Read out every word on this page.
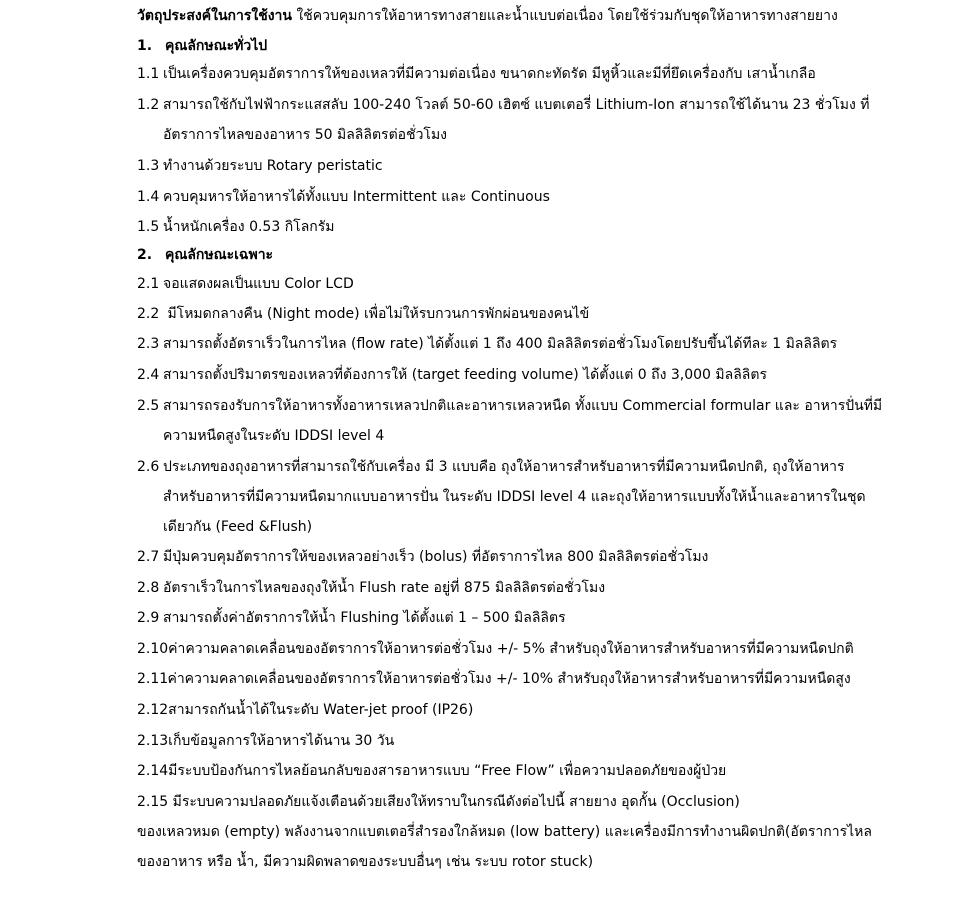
วัตถุประสงค์ในการใช้งาน ใช้ควบคุมการให้อาหารทางสายและน้ำแบบต่อเนื่อง โดยใช้ร่วมกับชุดให้อาหารทางสายยาง
1. คุณลักษณะทั่วไป
1.1 เป็นเครื่องควบคุมอัตราการให้ของเหลวที่มีความต่อเนื่อง ขนาดกะทัดรัด มีหูหิ้วและมีที่ยึดเครื่องกับ เสาน้ำเกลือ
1.2 สามารถใช้กับไฟฟ้ากระแสสลับ 100-240 โวลต์ 50-60 เฮิตซ์ แบตเตอรี่ Lithium-Ion สามารถใช้ได้นาน 23 ชั่วโมง ที่
อัตราการไหลของอาหาร 50 มิลลิลิตรต่อชั่วโมง
1.3 ทำงานด้วยระบบ Rotary peristatic
1.4 ควบคุมหารให้อาหารได้ทั้งแบบ Intermittent และ Continuous
1.5 น้ำหนักเครื่อง 0.53 กิโลกรัม
2. คุณลักษณะเฉพาะ
2.1 จอแสดงผลเป็นแบบ Color LCD
2.2 มีโหมดกลางคืน (Night mode) เพื่อไม่ให้รบกวนการพักผ่อนของคนไข้
2.3 สามารถตั้งอัตราเร็วในการไหล (flow rate) ได้ตั้งแต่ 1 ถึง 400 มิลลิลิตรต่อชั่วโมงโดยปรับขึ้นได้ทีละ 1 มิลลิลิตร
2.4 สามารถตั้งปริมาตรของเหลวที่ต้องการให้ (target feeding volume) ได้ตั้งแต่ 0 ถึง 3,000 มิลลิลิตร
2.5 สามารถรองรับการให้อาหารทั้งอาหารเหลวปกติและอาหารเหลวหนืด ทั้งแบบ Commercial formular และ อาหารปั่นที่มี
ความหนืดสูงในระดับ IDDSI level 4
2.6 ประเภทของถุงอาหารที่สามารถใช้กับเครื่อง มี 3 แบบคือ ถุงให้อาหารสำหรับอาหารที่มีความหนืดปกติ, ถุงให้อาหาร
สำหรับอาหารที่มีความหนืดมากแบบอาหารปั่น ในระดับ IDDSI level 4 และถุงให้อาหารแบบทั้งให้น้ำและอาหารในชุด
เดียวกัน (Feed &Flush)
2.7 มีปุ่มควบคุมอัตราการให้ของเหลวอย่างเร็ว (bolus) ที่อัตราการไหล 800 มิลลิลิตรต่อชั่วโมง
2.8 อัตราเร็วในการไหลของถุงให้น้ำ Flush rate อยู่ที่ 875 มิลลิลิตรต่อชั่วโมง
2.9 สามารถตั้งค่าอัตราการให้น้ำ Flushing ได้ตั้งแต่ 1 – 500 มิลลิลิตร
2.10ค่าความคลาดเคลื่อนของอัตราการให้อาหารต่อชั่วโมง +/- 5% สำหรับถุงให้อาหารสำหรับอาหารที่มีความหนืดปกติ
2.11 ค่าความคลาดเคลื่อนของอัตราการให้อาหารต่อชั่วโมง +/- 10% สำหรับถุงให้อาหารสำหรับอาหารที่มีความหนืดสูง
2.12สามารถกันน้ำได้ในระดับ Water-jet proof (IP26)
2.13เก็บข้อมูลการให้อาหารได้นาน 30 วัน
2.14มีระบบป้องกันการไหลย้อนกลับของสารอาหารแบบ “Free Flow” เพื่อความปลอดภัยของผู้ป่วย
2.15 มีระบบความปลอดภัยแจ้งเตือนด้วยเสียงให้ทราบในกรณีดังต่อไปนี้ สายยาง อุดกั้น (Occlusion)
ของเหลวหมด (empty) พลังงานจากแบตเตอรี่สำรองใกล้หมด (low battery) และเครื่องมีการทำงานผิดปกติ(อัตราการไหล
ของอาหาร หรือ น้ำ, มีความผิดพลาดของระบบอื่นๆ เช่น ระบบ rotor stuck)
